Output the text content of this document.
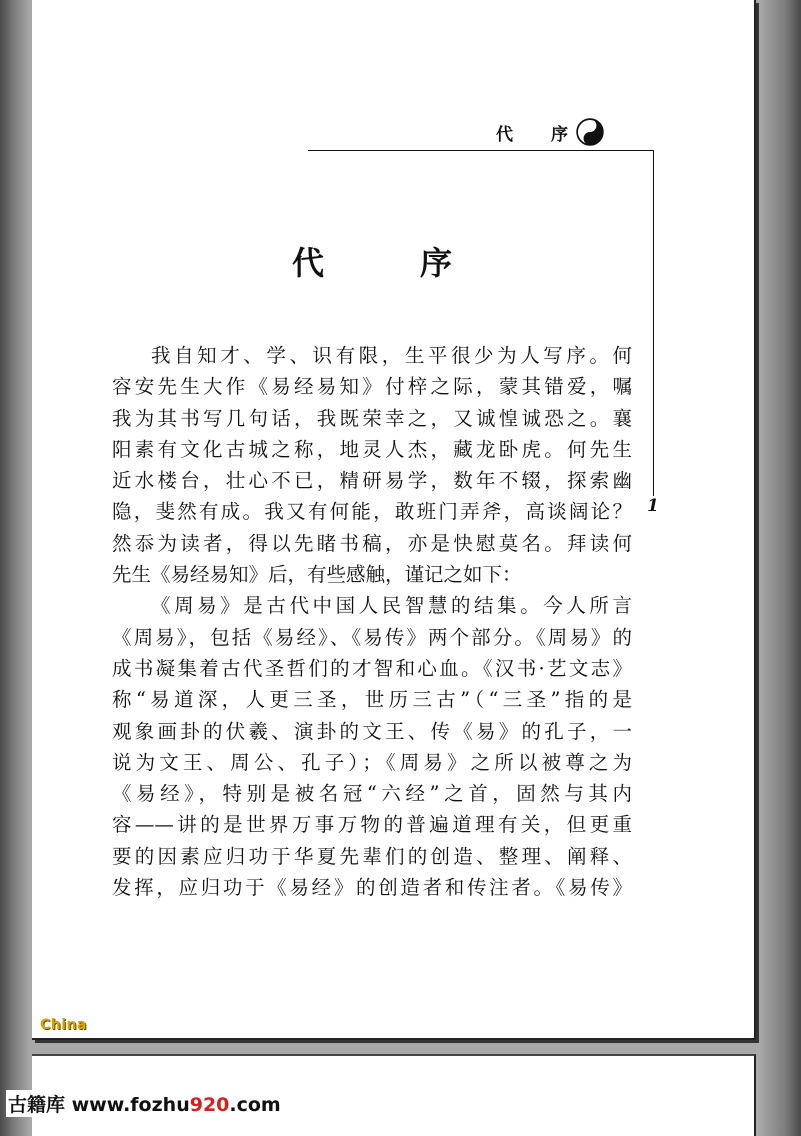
代 序
1
代	序
我自知才、学、识有限，生平很少为人写序。何
容安先生大作《易经易知》付梓之际，蒙其错爱，嘱
我为其书写几句话，我既荣幸之，又诚惶诚恐之。襄
阳素有文化古城之称，地灵人杰，藏龙卧虎。何先生
近水楼台，壮心不已，精研易学，数年不辍，探索幽
隐，斐然有成。我又有何能，敢班门弄斧，高谈阔论？
然忝为读者，得以先睹书稿，亦是快慰莫名。拜读何
先生《易经易知》后，有些感触，谨记之如下：
《周易》是古代中国人民智慧的结集。今人所言
《周易》，包括《易经》、《易传》两个部分。《周易》的
成书凝集着古代圣哲们的才智和心血。《汉书·艺文志》
称“易道深，人更三圣，世历三古”（“三圣”指的是
观象画卦的伏羲、演卦的文王、传《易》的孔子，一
说为文王、周公、孔子）；《周易》之所以被尊之为
《易经》，特别是被名冠“六经”之首，固然与其内
容——讲的是世界万事万物的普遍道理有关，但更重
要的因素应归功于华夏先辈们的创造、整理、阐释、
发挥，应归功于《易经》的创造者和传注者。《易传》
China
古籍库 www.fozhu920.com
